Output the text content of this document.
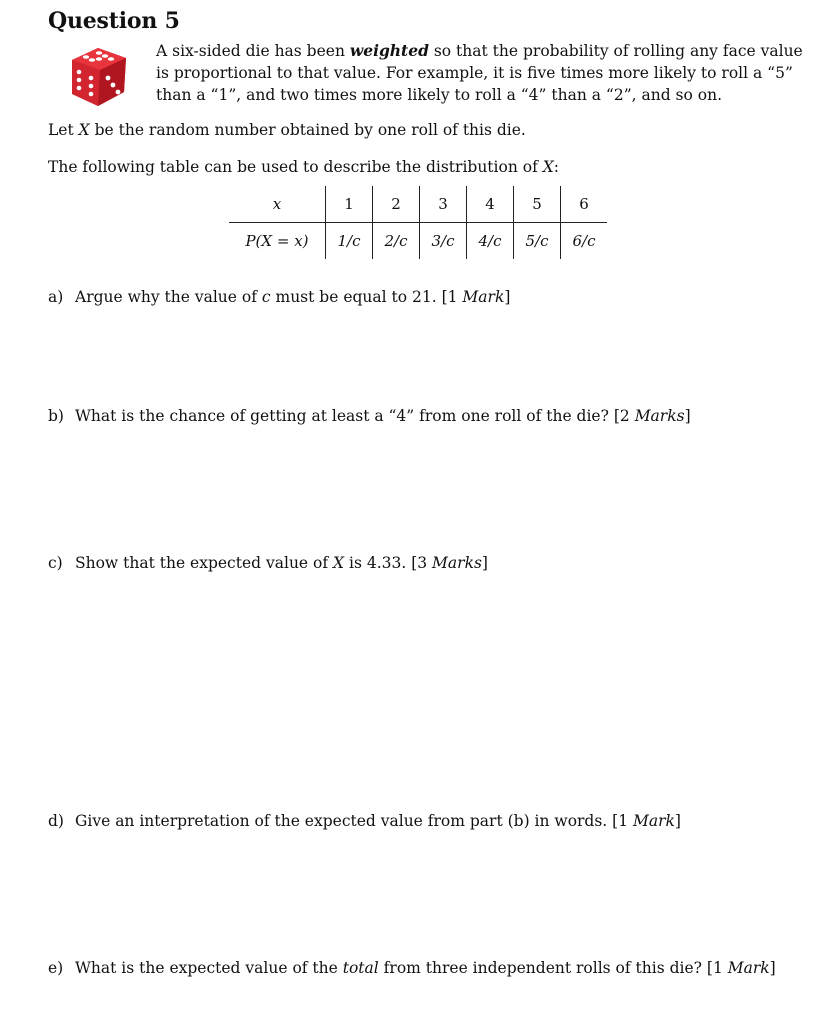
Question 5

A six-sided die has been weighted so that the probability of rolling any face value

is proportional to that value. For example, it is five times more likely to roll a “5”

than a “1”, and two times more likely to roll a “4” than a “2”, and so on.

Let X be the random number obtained by one roll of this die.
The following table can be used to describe the distribution of X:
x	1	2	3	4	5	6
P(X = x)	1/c	2/c	3/c	4/c	5/c	6/c
a) Argue why the value of c must be equal to 21. [1 Mark]
b) What is the chance of getting at least a “4” from one roll of the die? [2 Marks]
c) Show that the expected value of X is 4.33. [3 Marks]
d) Give an interpretation of the expected value from part (b) in words. [1 Mark]
e) What is the expected value of the total from three independent rolls of this die? [1 Mark]
